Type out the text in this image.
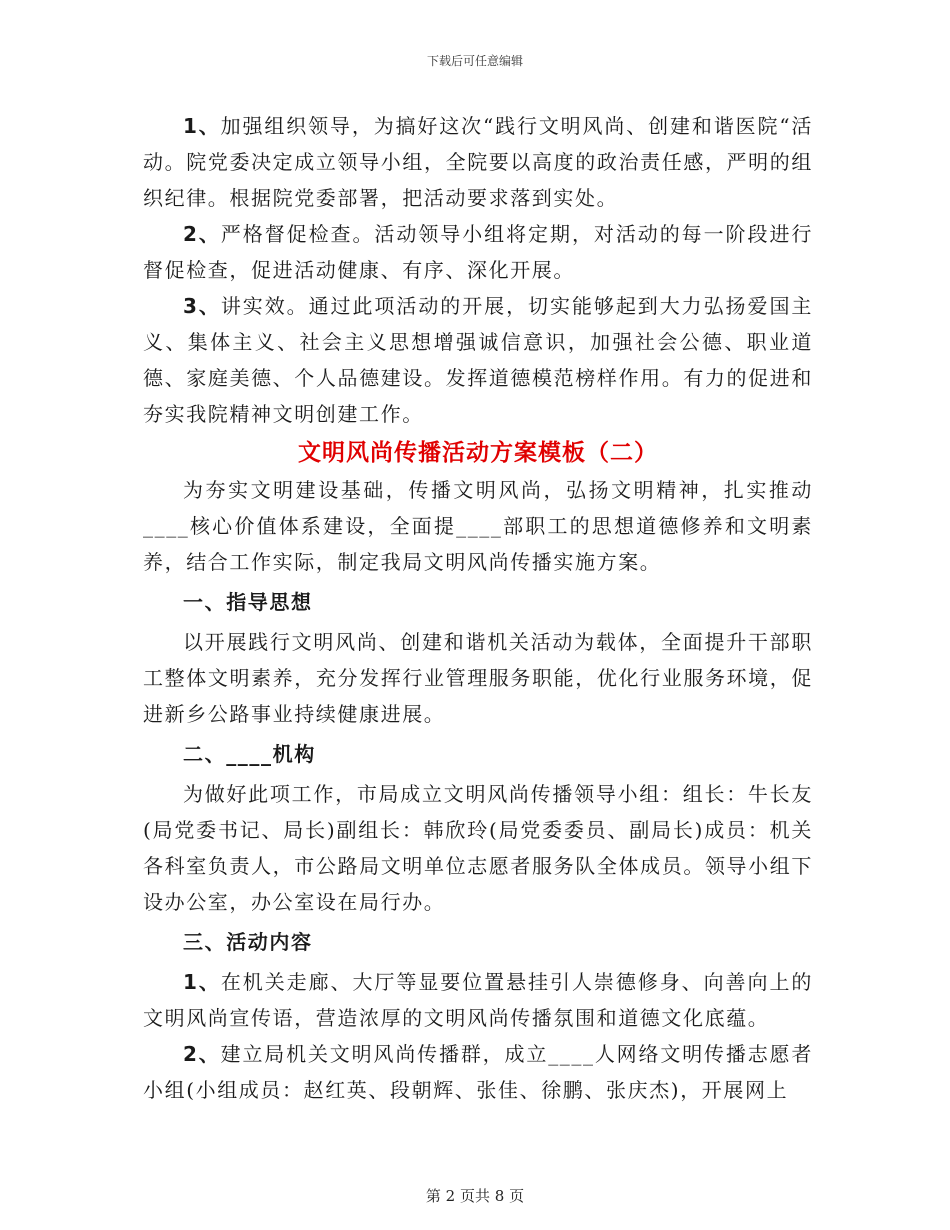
下载后可任意编辑

1、加强组织领导，为搞好这次“践行文明风尚、创建和谐医院“活动。院党委决定成立领导小组，全院要以高度的政治责任感，严明的组织纪律。根据院党委部署，把活动要求落到实处。

2、严格督促检查。活动领导小组将定期，对活动的每一阶段进行督促检查，促进活动健康、有序、深化开展。

3、讲实效。通过此项活动的开展，切实能够起到大力弘扬爱国主义、集体主义、社会主义思想增强诚信意识，加强社会公德、职业道德、家庭美德、个人品德建设。发挥道德模范榜样作用。有力的促进和夯实我院精神文明创建工作。

文明风尚传播活动方案模板（二）

为夯实文明建设基础，传播文明风尚，弘扬文明精神，扎实推动____核心价值体系建设，全面提____部职工的思想道德修养和文明素养，结合工作实际，制定我局文明风尚传播实施方案。

一、指导思想

以开展践行文明风尚、创建和谐机关活动为载体，全面提升干部职工整体文明素养，充分发挥行业管理服务职能，优化行业服务环境，促进新乡公路事业持续健康进展。

二、____机构

为做好此项工作，市局成立文明风尚传播领导小组：组长：牛长友(局党委书记、局长)副组长：韩欣玲(局党委委员、副局长)成员：机关各科室负责人，市公路局文明单位志愿者服务队全体成员。领导小组下设办公室，办公室设在局行办。

三、活动内容

1、在机关走廊、大厅等显要位置悬挂引人崇德修身、向善向上的文明风尚宣传语，营造浓厚的文明风尚传播氛围和道德文化底蕴。

2、建立局机关文明风尚传播群，成立____人网络文明传播志愿者小组(小组成员：赵红英、段朝辉、张佳、徐鹏、张庆杰)，开展网上

第 2 页共 8 页
